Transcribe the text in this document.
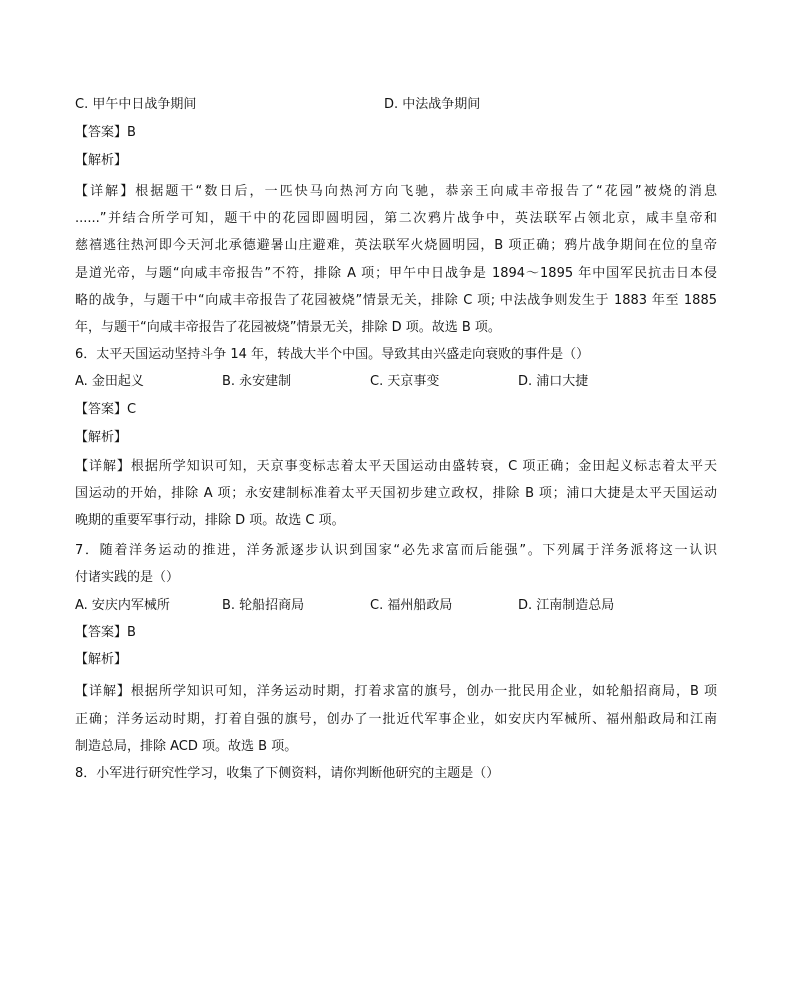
C. 甲午中日战争期间	D. 中法战争期间
【答案】B
【解析】
【详解】根据题干“数日后，一匹快马向热河方向飞驰，恭亲王向咸丰帝报告了“花园”被烧的消息
......”并结合所学可知，题干中的花园即圆明园，第二次鸦片战争中，英法联军占领北京，咸丰皇帝和
慈禧逃往热河即今天河北承德避暑山庄避难，英法联军火烧圆明园，B 项正确；鸦片战争期间在位的皇帝
是道光帝，与题“向咸丰帝报告”不符，排除 A 项；甲午中日战争是 1894～1895 年中国军民抗击日本侵
略的战争，与题干中“向咸丰帝报告了花园被烧”情景无关，排除 C 项; 中法战争则发生于 1883 年至 1885
年，与题干“向咸丰帝报告了花园被烧”情景无关，排除 D 项。故选 B 项。
6．太平天国运动坚持斗争 14 年，转战大半个中国。导致其由兴盛走向衰败的事件是（）
A. 金田起义	B. 永安建制	C. 天京事变	D. 浦口大捷
【答案】C
【解析】
【详解】根据所学知识可知，天京事变标志着太平天国运动由盛转衰，C 项正确；金田起义标志着太平天
国运动的开始，排除 A 项；永安建制标准着太平天国初步建立政权，排除 B 项；浦口大捷是太平天国运动
晚期的重要军事行动，排除 D 项。故选 C 项。
7．随着洋务运动的推进，洋务派逐步认识到国家“必先求富而后能强”。下列属于洋务派将这一认识
付诸实践的是（）
A. 安庆内军械所	B. 轮船招商局	C. 福州船政局	D. 江南制造总局
【答案】B
【解析】
【详解】根据所学知识可知，洋务运动时期，打着求富的旗号，创办一批民用企业，如轮船招商局，B 项
正确；洋务运动时期，打着自强的旗号，创办了一批近代军事企业，如安庆内军械所、福州船政局和江南
制造总局，排除 ACD 项。故选 B 项。
8．小军进行研究性学习，收集了下侧资料，请你判断他研究的主题是（）
